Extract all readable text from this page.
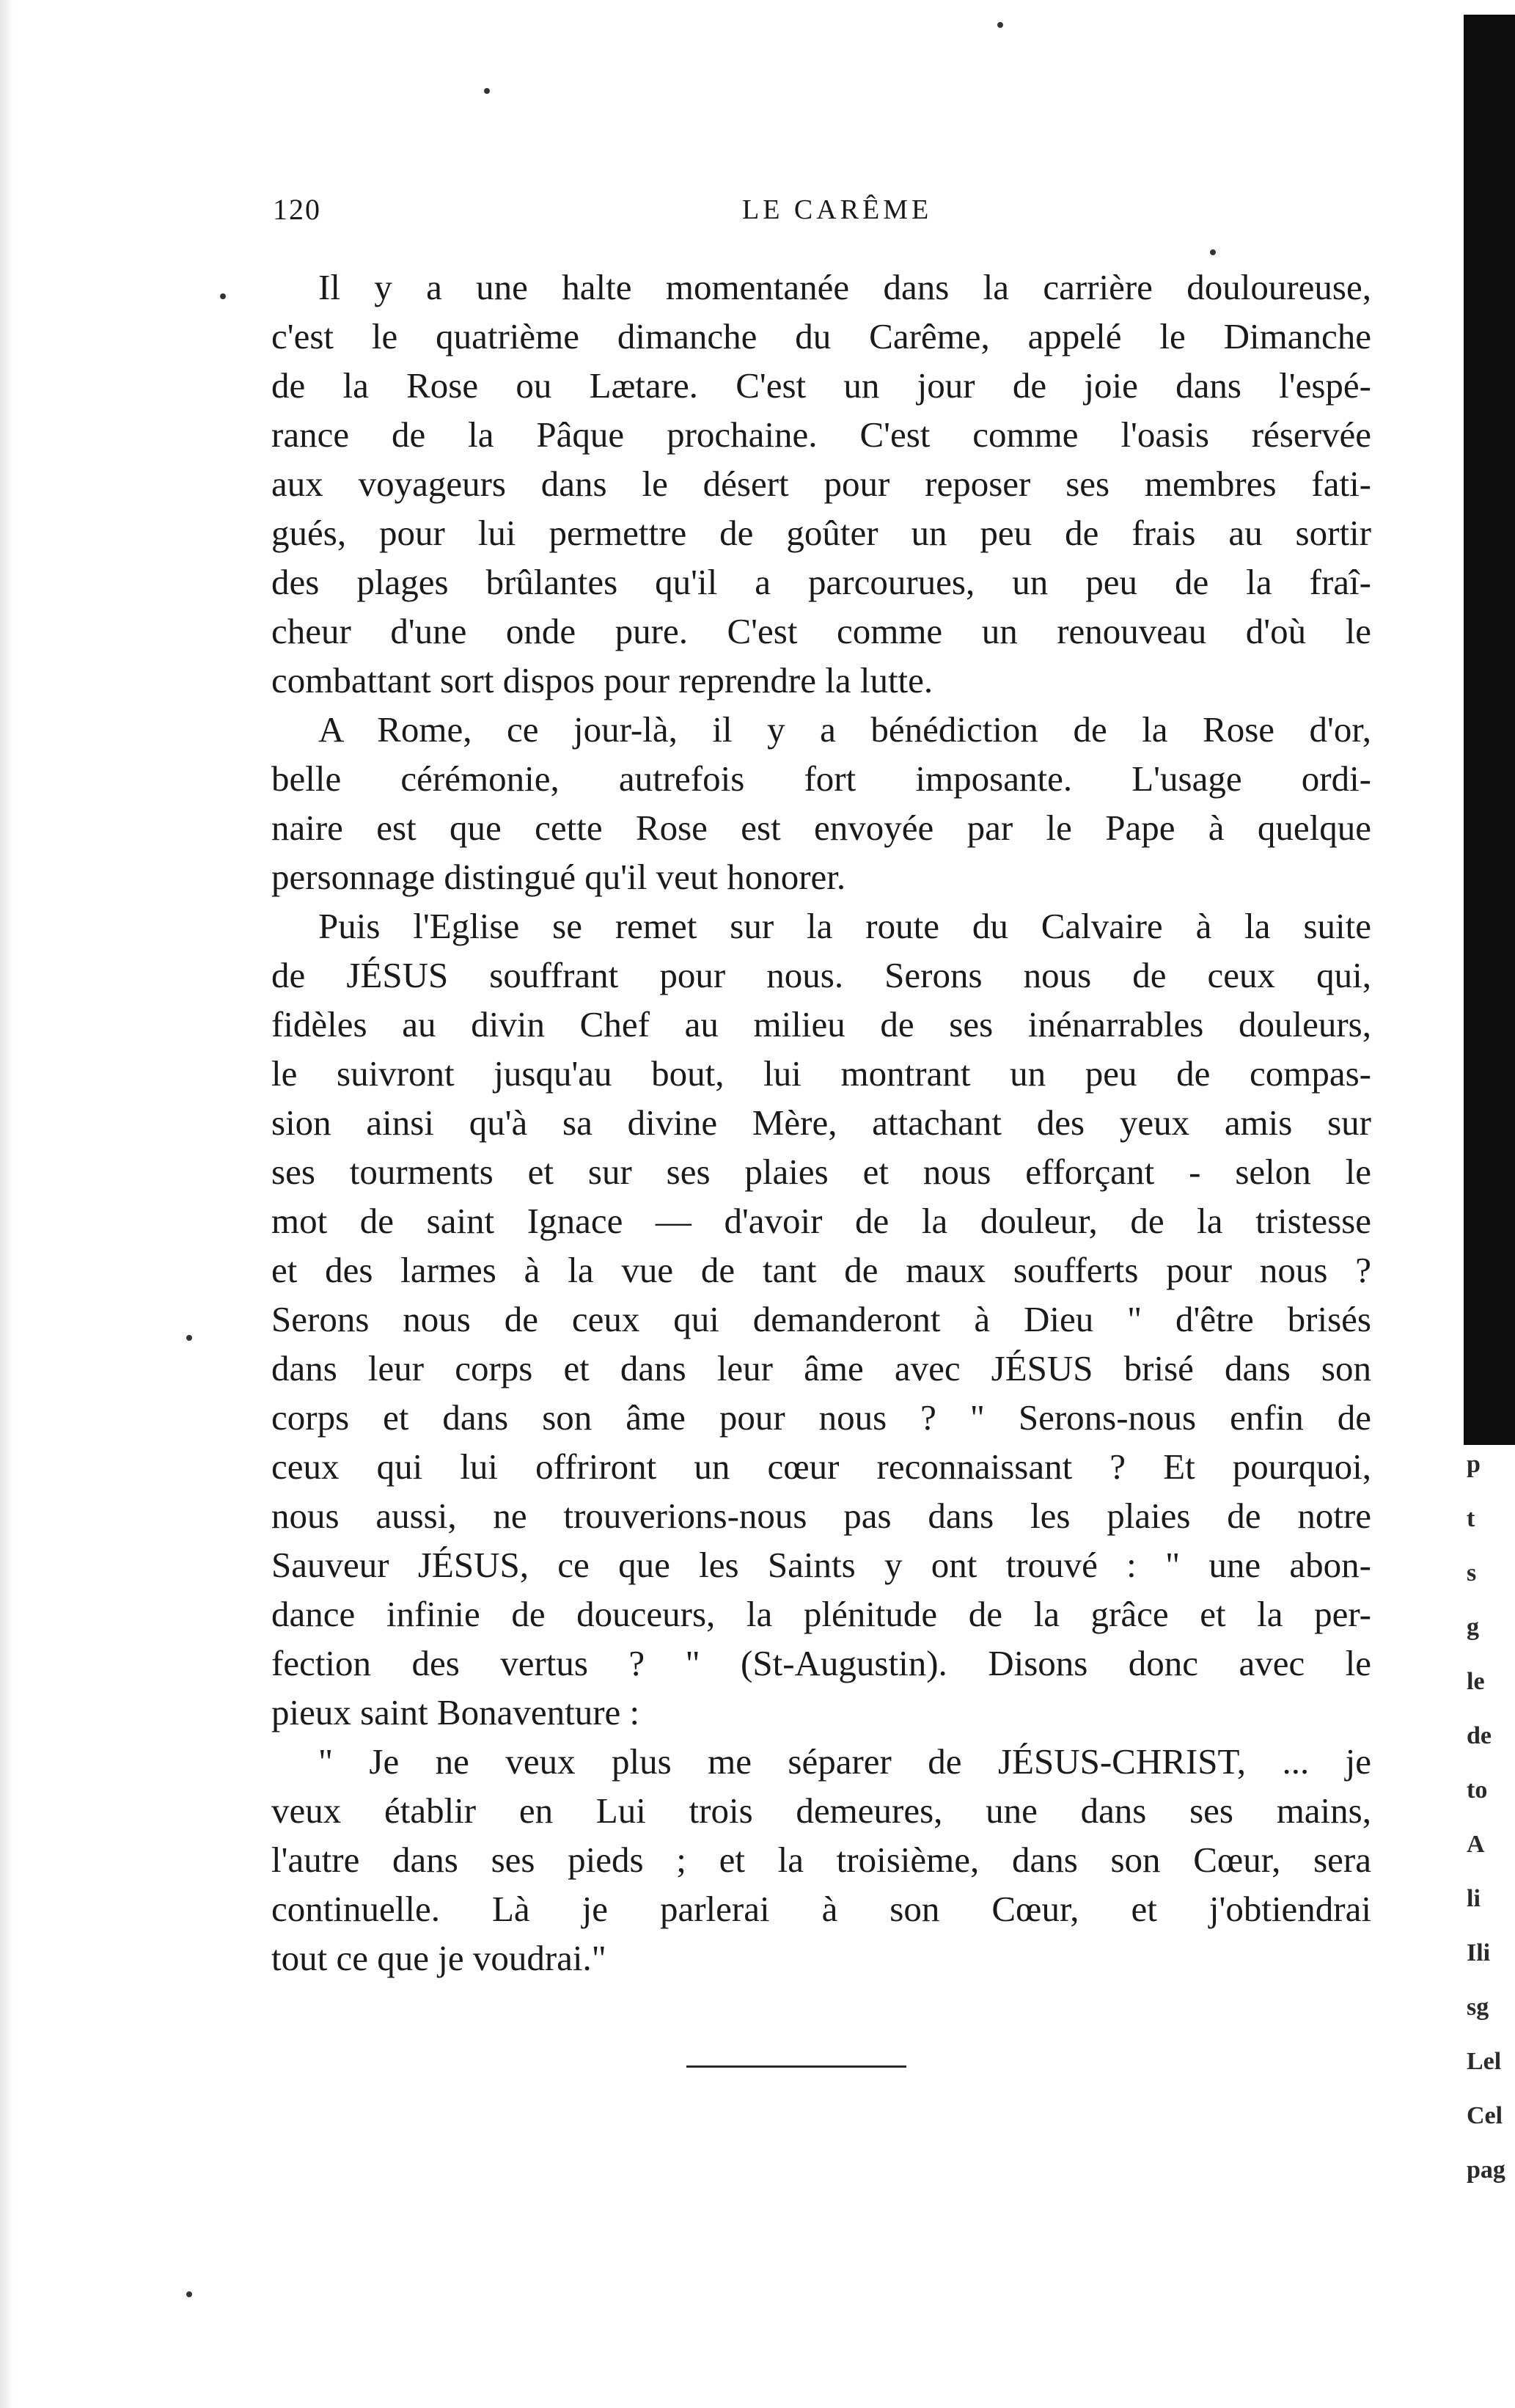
120	LE CARÊME
Il y a une halte momentanée dans la carrière douloureuse,
c'est le quatrième dimanche du Carême, appelé le Dimanche
de la Rose ou Lætare. C'est un jour de joie dans l'espé-
rance de la Pâque prochaine. C'est comme l'oasis réservée
aux voyageurs dans le désert pour reposer ses membres fati-
gués, pour lui permettre de goûter un peu de frais au sortir
des plages brûlantes qu'il a parcourues, un peu de la fraî-
cheur d'une onde pure. C'est comme un renouveau d'où le
combattant sort dispos pour reprendre la lutte.
A Rome, ce jour-là, il y a bénédiction de la Rose d'or,
belle cérémonie, autrefois fort imposante. L'usage ordi-
naire est que cette Rose est envoyée par le Pape à quelque
personnage distingué qu'il veut honorer.
Puis l'Eglise se remet sur la route du Calvaire à la suite
de JÉSUS souffrant pour nous. Serons nous de ceux qui,
fidèles au divin Chef au milieu de ses inénarrables douleurs,
le suivront jusqu'au bout, lui montrant un peu de compas-
sion ainsi qu'à sa divine Mère, attachant des yeux amis sur
ses tourments et sur ses plaies et nous efforçant - selon le
mot de saint Ignace — d'avoir de la douleur, de la tristesse
et des larmes à la vue de tant de maux soufferts pour nous ?
Serons nous de ceux qui demanderont à Dieu " d'être brisés
dans leur corps et dans leur âme avec JÉSUS brisé dans son
corps et dans son âme pour nous ? " Serons-nous enfin de
ceux qui lui offriront un cœur reconnaissant ? Et pourquoi,
nous aussi, ne trouverions-nous pas dans les plaies de notre
Sauveur JÉSUS, ce que les Saints y ont trouvé : " une abon-
dance infinie de douceurs, la plénitude de la grâce et la per-
fection des vertus ? " (St-Augustin). Disons donc avec le
pieux saint Bonaventure :
" Je ne veux plus me séparer de JÉSUS-CHRIST, ... je
veux établir en Lui trois demeures, une dans ses mains,
l'autre dans ses pieds ; et la troisième, dans son Cœur, sera
continuelle. Là je parlerai à son Cœur, et j'obtiendrai
tout ce que je voudrai."
p
t
s
g
le
de
to
A
li
Ili
sg
Lel
Cel
pag
